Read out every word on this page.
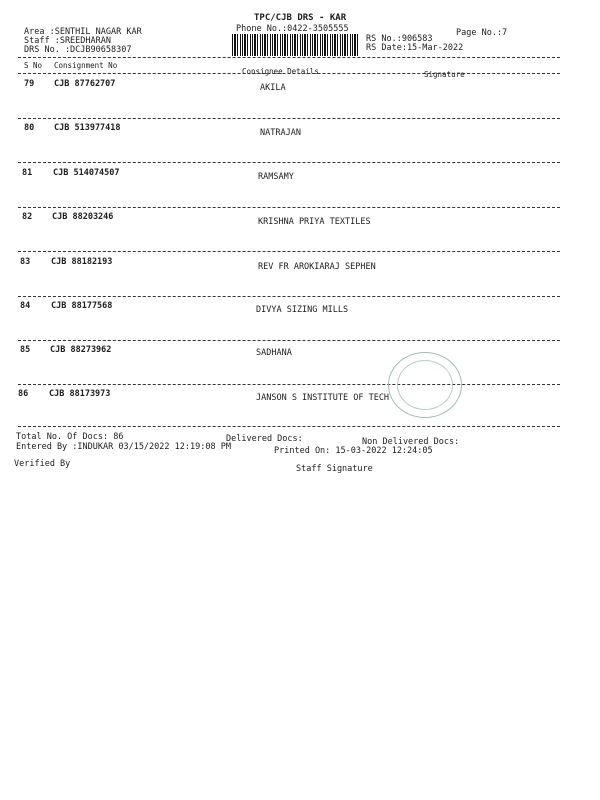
TPC/CJB DRS - KAR
Phone No.:0422-3505555
Area :SENTHIL NAGAR KAR
Staff :SREEDHARAN
DRS No. :DCJB90658307
RS No.:906583
RS Date:15-Mar-2022
Page No.:7
S No Consignment No
Consignee Details	Signature
79 CJB 87762707	AKILA
80 CJB 513977418	NATRAJAN
81 CJB 514074507	RAMSAMY
82 CJB 88203246	KRISHNA PRIYA TEXTILES
83 CJB 88182193	REV FR AROKIARAJ SEPHEN
84 CJB 88177568	DIVYA SIZING MILLS
85 CJB 88273962	SADHANA
86 CJB 88173973	JANSON S INSTITUTE OF TECH
Total No. Of Docs: 86	Delivered Docs:	Non Delivered Docs:
Entered By :INDUKAR 03/15/2022 12:19:08 PM	Printed On: 15-03-2022 12:24:05
Verified By	Staff Signature
